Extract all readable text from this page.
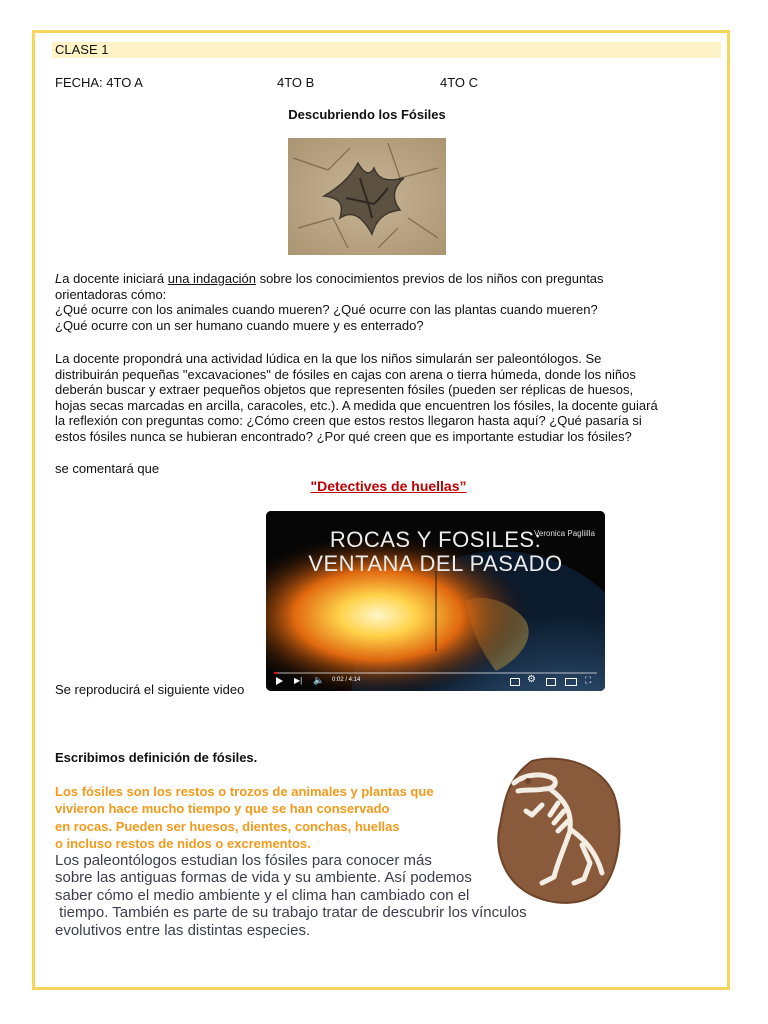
CLASE 1
FECHA: 4TO A	4TO B	4TO C
Descubriendo los Fósiles

La docente iniciará una indagación sobre los conocimientos previos de los niños con preguntas orientadoras cómo:
¿Qué ocurre con los animales cuando mueren? ¿Qué ocurre con las plantas cuando mueren?
¿Qué ocurre con un ser humano cuando muere y es enterrado?

La docente propondrá una actividad lúdica en la que los niños simularán ser paleontólogos. Se distribuirán pequeñas "excavaciones" de fósiles en cajas con arena o tierra húmeda, donde los niños deberán buscar y extraer pequeños objetos que representen fósiles (pueden ser réplicas de huesos, hojas secas marcadas en arcilla, caracoles, etc.). A medida que encuentren los fósiles, la docente guiará la reflexión con preguntas como: ¿Cómo creen que estos restos llegaron hasta aquí? ¿Qué pasaría si estos fósiles nunca se hubieran encontrado? ¿Por qué creen que es importante estudiar los fósiles?

se comentará que

"Detectives de huellas”
Veronica Pagliilla
ROCAS Y FOSILES:
VENTANA DEL PASADO
▶| 🔈 0:02 / 4:14	⚙	⛶
Se reproducirá el siguiente video
Escribimos definición de fósiles.
Los fósiles son los restos o trozos de animales y plantas que
vivieron hace mucho tiempo y que se han conservado
en rocas. Pueden ser huesos, dientes, conchas, huellas
o incluso restos de nidos o excrementos.
Los paleontólogos estudian los fósiles para conocer más
sobre las antiguas formas de vida y su ambiente. Así podemos
saber cómo el medio ambiente y el clima han cambiado con el
tiempo. También es parte de su trabajo tratar de descubrir los vínculos
evolutivos entre las distintas especies.
